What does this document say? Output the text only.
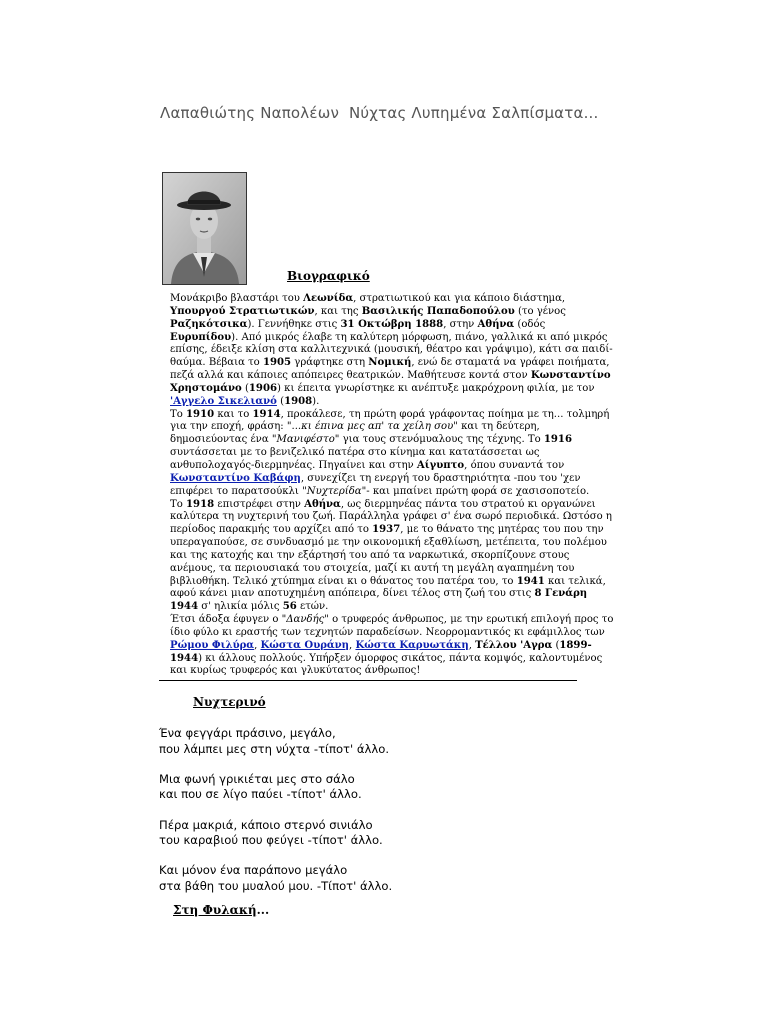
Λαπαθιώτης Ναπολέων  Νύχτας Λυπημένα Σαλπίσματα...
Βιογραφικό

Μονάκριβο βλαστάρι του Λεωνίδα, στρατιωτικού και για κάποιο διάστημα, Υπουργού Στρατιωτικών, και της Βασιλικής Παπαδοπούλου (το γένος Ραζηκότσικα). Γεννήθηκε στις 31 Οκτώβρη 1888, στην Αθήνα (οδός Ευρυπίδου). Από μικρός έλαβε τη καλύτερη μόρφωση, πιάνο, γαλλικά κι από μικρός επίσης, έδειξε κλίση στα καλλιτεχνικά (μουσική, θέατρο και γράψιμο), κάτι σα παιδί-θαύμα. Βέβαια το 1905 γράφτηκε στη Νομική, ενώ δε σταματά να γράφει ποιήματα, πεζά αλλά και κάποιες απόπειρες θεατρικών. Μαθήτευσε κοντά στον Κωνσταντίνο Χρηστομάνο (1906) κι έπειτα γνωρίστηκε κι ανέπτυξε μακρόχρονη φιλία, με τον 'Αγγελο Σικελιανό (1908).

Το 1910 και το 1914, προκάλεσε, τη πρώτη φορά γράφοντας ποίημα με τη... τολμηρή για την εποχή, φράση: "...κι έπινα μες απ' τα χείλη σου" και τη δεύτερη, δημοσιεύοντας ένα "Μανιφέστο" για τους στενόμυαλους της τέχνης. Το 1916 συντάσσεται με το βενιζελικό πατέρα στο κίνημα και κατατάσσεται ως ανθυπολοχαγός-διερμηνέας. Πηγαίνει και στην Αίγυπτο, όπου συναντά τον Κωνσταντίνο Καβάφη, συνεχίζει τη ενεργή του δραστηριότητα -που του 'χεν επιφέρει το παρατσούκλι "Νυχτερίδα"- και μπαίνει πρώτη φορά σε χασισοποτείο.

Το 1918 επιστρέφει στην Αθήνα, ως διερμηνέας πάντα του στρατού κι οργανώνει καλύτερα τη νυχτερινή του ζωή. Παράλληλα γράφει σ' ένα σωρό περιοδικά. Ωστόσο η περίοδος παρακμής του αρχίζει από το 1937, με το θάνατο της μητέρας του που την υπεραγαπούσε, σε συνδυασμό με την οικονομική εξαθλίωση, μετέπειτα, του πολέμου και της κατοχής και την εξάρτησή του από τα ναρκωτικά, σκορπίζουνε στους ανέμους, τα περιουσιακά του στοιχεία, μαζί κι αυτή τη μεγάλη αγαπημένη του βιβλιοθήκη. Τελικό χτύπημα είναι κι ο θάνατος του πατέρα του, το 1941 και τελικά, αφού κάνει μιαν αποτυχημένη απόπειρα, δίνει τέλος στη ζωή του στις 8 Γενάρη 1944 σ' ηλικία μόλις 56 ετών.

Έτσι άδοξα έφυγεν ο "Δανδής" ο τρυφερός άνθρωπος, με την ερωτική επιλογή προς το ίδιο φύλο κι εραστής των τεχνητών παραδείσων. Νεορρομαντικός κι εφάμιλλος των Ρώμου Φιλύρα, Κώστα Ουράνη, Κώστα Καρυωτάκη, Τέλλου 'Αγρα (1899-1944) κι άλλους πολλούς. Υπήρξεν όμορφος σικάτος, πάντα κομψός, καλοντυμένος και κυρίως τρυφερός και γλυκύτατος άνθρωπος!

Νυχτερινό
Ένα φεγγάρι πράσινο, μεγάλο,
που λάμπει μες στη νύχτα -τίποτ' άλλο.
Μια φωνή γρικιέται μες στο σάλο
και που σε λίγο παύει -τίποτ' άλλο.
Πέρα μακριά, κάποιο στερνό σινιάλο
του καραβιού που φεύγει -τίποτ' άλλο.
Και μόνον ένα παράπονο μεγάλο
στα βάθη του μυαλού μου. -Τίποτ' άλλο.
Στη Φυλακή...
